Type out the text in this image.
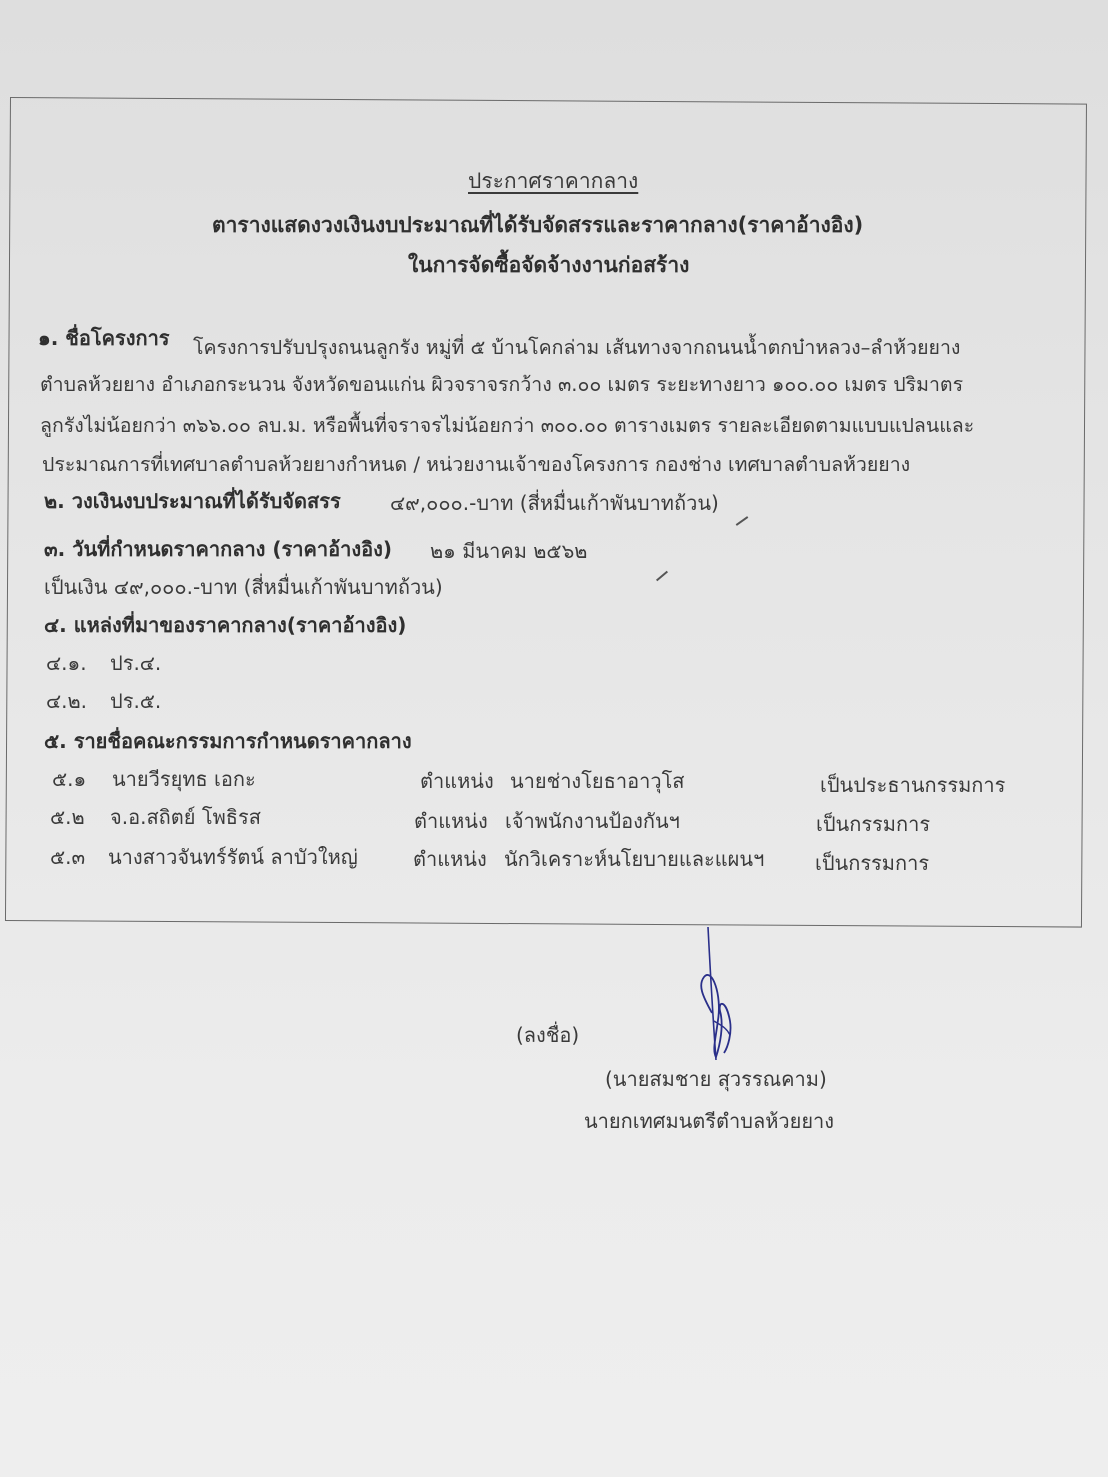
ประกาศราคากลาง
ตารางแสดงวงเงินงบประมาณที่ได้รับจัดสรรและราคากลาง(ราคาอ้างอิง)
ในการจัดซื้อจัดจ้างงานก่อสร้าง
๑. ชื่อโครงการ โครงการปรับปรุงถนนลูกรัง หมู่ที่ ๕ บ้านโคกล่าม เส้นทางจากถนนน้ำตกบ๋าหลวง–ลำห้วยยาง
ตำบลห้วยยาง อำเภอกระนวน จังหวัดขอนแก่น ผิวจราจรกว้าง ๓.๐๐ เมตร ระยะทางยาว ๑๐๐.๐๐ เมตร ปริมาตร
ลูกรังไม่น้อยกว่า ๓๖๖.๐๐ ลบ.ม. หรือพื้นที่จราจรไม่น้อยกว่า ๓๐๐.๐๐ ตารางเมตร รายละเอียดตามแบบแปลนและ
ประมาณการที่เทศบาลตำบลห้วยยางกำหนด / หน่วยงานเจ้าของโครงการ กองช่าง เทศบาลตำบลห้วยยาง
๒. วงเงินงบประมาณที่ได้รับจัดสรร ๔๙,๐๐๐.-บาท (สี่หมื่นเก้าพันบาทถ้วน)
๓. วันที่กำหนดราคากลาง (ราคาอ้างอิง) ๒๑ มีนาคม ๒๕๖๒
เป็นเงิน ๔๙,๐๐๐.-บาท (สี่หมื่นเก้าพันบาทถ้วน)
๔. แหล่งที่มาของราคากลาง(ราคาอ้างอิง)
๔.๑. ปร.๔.
๔.๒. ปร.๕.
๕. รายชื่อคณะกรรมการกำหนดราคากลาง
๕.๑ นายวีรยุทธ เอกะ	ตำแหน่ง นายช่างโยธาอาวุโส	เป็นประธานกรรมการ
๕.๒ จ.อ.สถิตย์ โพธิรส	ตำแหน่ง เจ้าพนักงานป้องกันฯ	เป็นกรรมการ
๕.๓ นางสาวจันทร์รัตน์ ลาบัวใหญ่	ตำแหน่ง นักวิเคราะห์นโยบายและแผนฯ	เป็นกรรมการ
(ลงชื่อ)
(นายสมชาย สุวรรณคาม)
นายกเทศมนตรีตำบลห้วยยาง
